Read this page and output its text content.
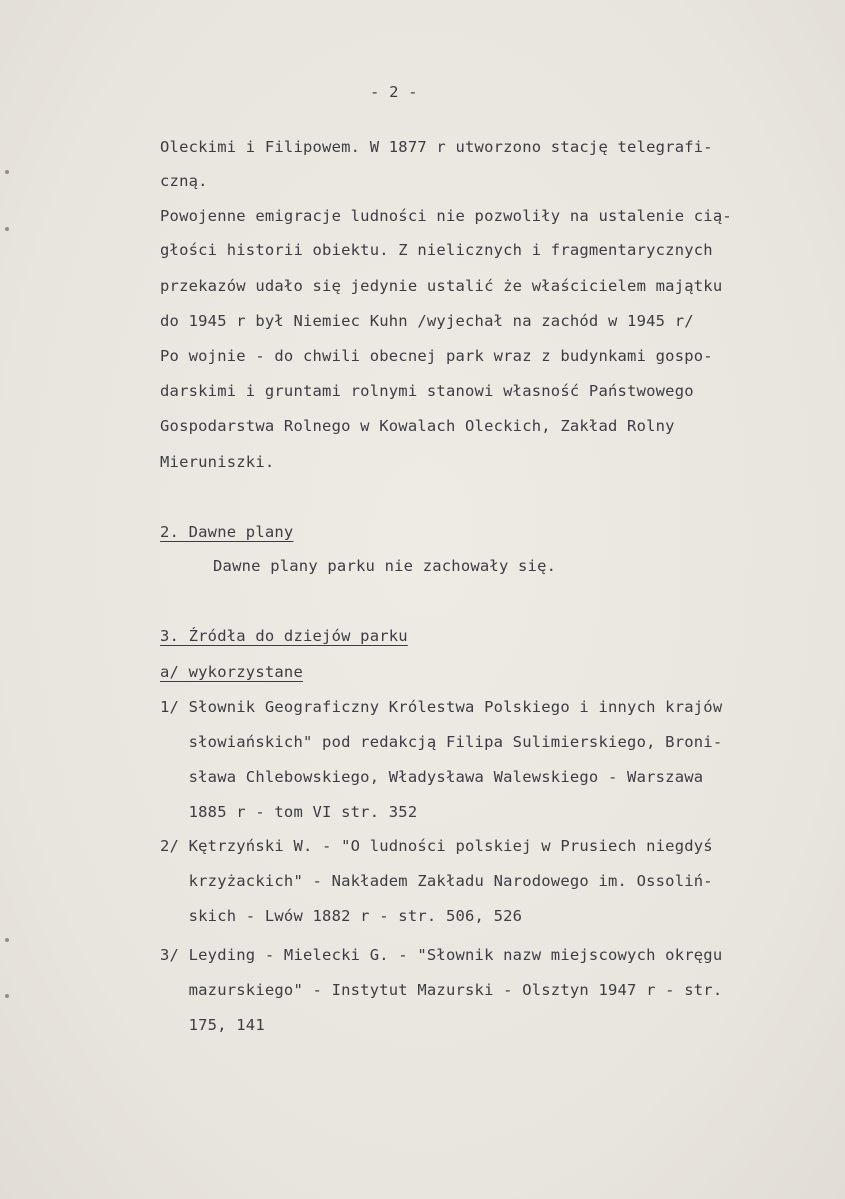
- 2 -
Oleckimi i Filipowem. W 1877 r utworzono stację telegrafi-
czną.
Powojenne emigracje ludności nie pozwoliły na ustalenie cią-
głości historii obiektu. Z nielicznych i fragmentarycznych
przekazów udało się jedynie ustalić że właścicielem majątku
do 1945 r był Niemiec Kuhn /wyjechał na zachód w 1945 r/
Po wojnie - do chwili obecnej park wraz z budynkami gospo-
darskimi i gruntami rolnymi stanowi własność Państwowego
Gospodarstwa Rolnego w Kowalach Oleckich, Zakład Rolny
Mieruniszki.
2. Dawne plany
Dawne plany parku nie zachowały się.
3. Źródła do dziejów parku
a/ wykorzystane
1/ Słownik Geograficzny Królestwa Polskiego i innych krajów
słowiańskich" pod redakcją Filipa Sulimierskiego, Broni-
sława Chlebowskiego, Władysława Walewskiego - Warszawa
1885 r - tom VI str. 352
2/ Kętrzyński W. - "O ludności polskiej w Prusiech niegdyś
krzyżackich" - Nakładem Zakładu Narodowego im. Ossoliń-
skich - Lwów 1882 r - str. 506, 526
3/ Leyding - Mielecki G. - "Słownik nazw miejscowych okręgu
mazurskiego" - Instytut Mazurski - Olsztyn 1947 r - str.
175, 141
